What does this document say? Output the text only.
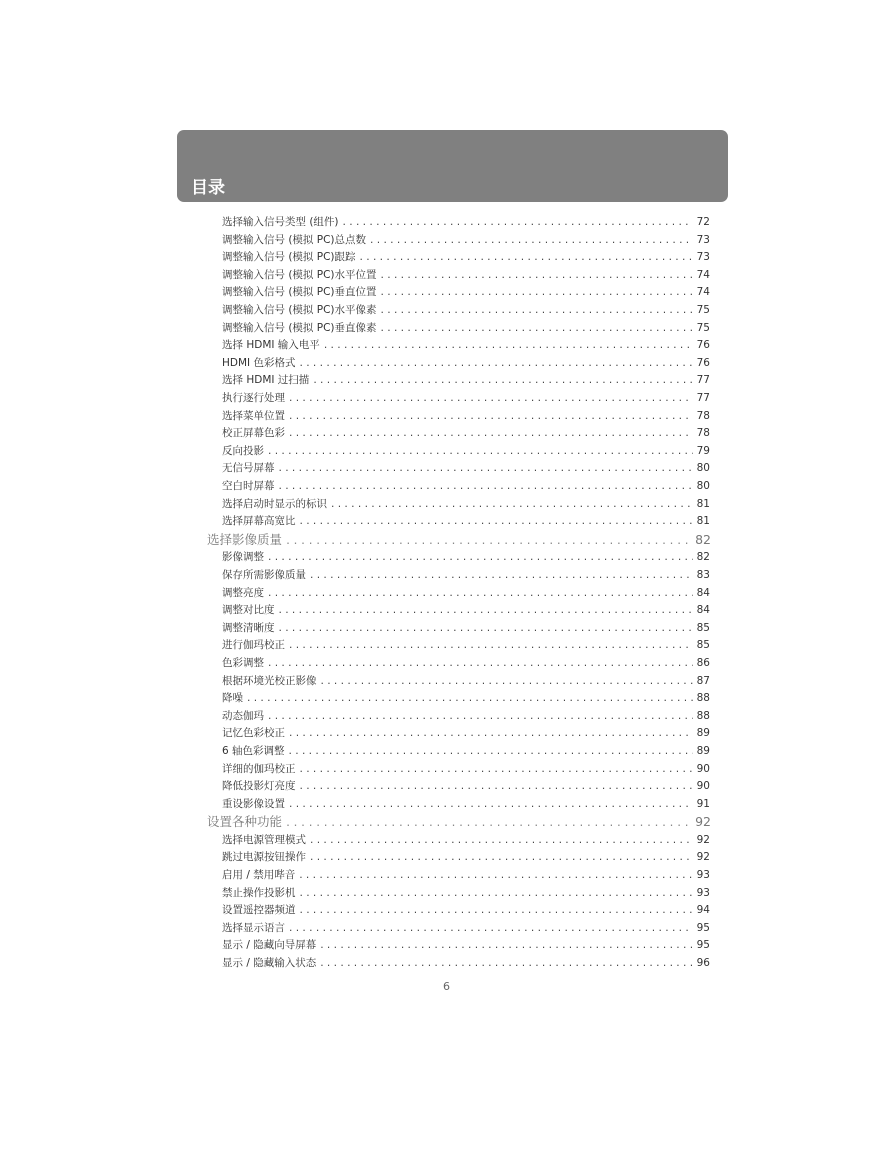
目录
选择输入信号类型 (组件) .....	72
调整输入信号 (模拟 PC)总点数 .....	73
调整输入信号 (模拟 PC)跟踪 .....	73
调整输入信号 (模拟 PC)水平位置 .....	74
调整输入信号 (模拟 PC)垂直位置 .....	74
调整输入信号 (模拟 PC)水平像素 .....	75
调整输入信号 (模拟 PC)垂直像素 .....	75
选择 HDMI 输入电平 .....	76
HDMI 色彩格式 .....	76
选择 HDMI 过扫描 .....	77
执行逐行处理 .....	77
选择菜单位置 .....	78
校正屏幕色彩 .....	78
反向投影 .....	79
无信号屏幕 .....	80
空白时屏幕 .....	80
选择启动时显示的标识 .....	81
选择屏幕高宽比 .....	81
选择影像质量 .....	82
影像调整 .....	82
保存所需影像质量 .....	83
调整亮度 .....	84
调整对比度 .....	84
调整清晰度 .....	85
进行伽玛校正 .....	85
色彩调整 .....	86
根据环境光校正影像 .....	87
降噪 .....	88
动态伽玛 .....	88
记忆色彩校正 .....	89
6 轴色彩调整 .....	89
详细的伽玛校正 .....	90
降低投影灯亮度 .....	90
重设影像设置 .....	91
设置各种功能 .....	92
选择电源管理模式 .....	92
跳过电源按钮操作 .....	92
启用 / 禁用哔音 .....	93
禁止操作投影机 .....	93
设置遥控器频道 .....	94
选择显示语言 .....	95
显示 / 隐藏向导屏幕 .....	95
显示 / 隐藏输入状态 .....	96
6
